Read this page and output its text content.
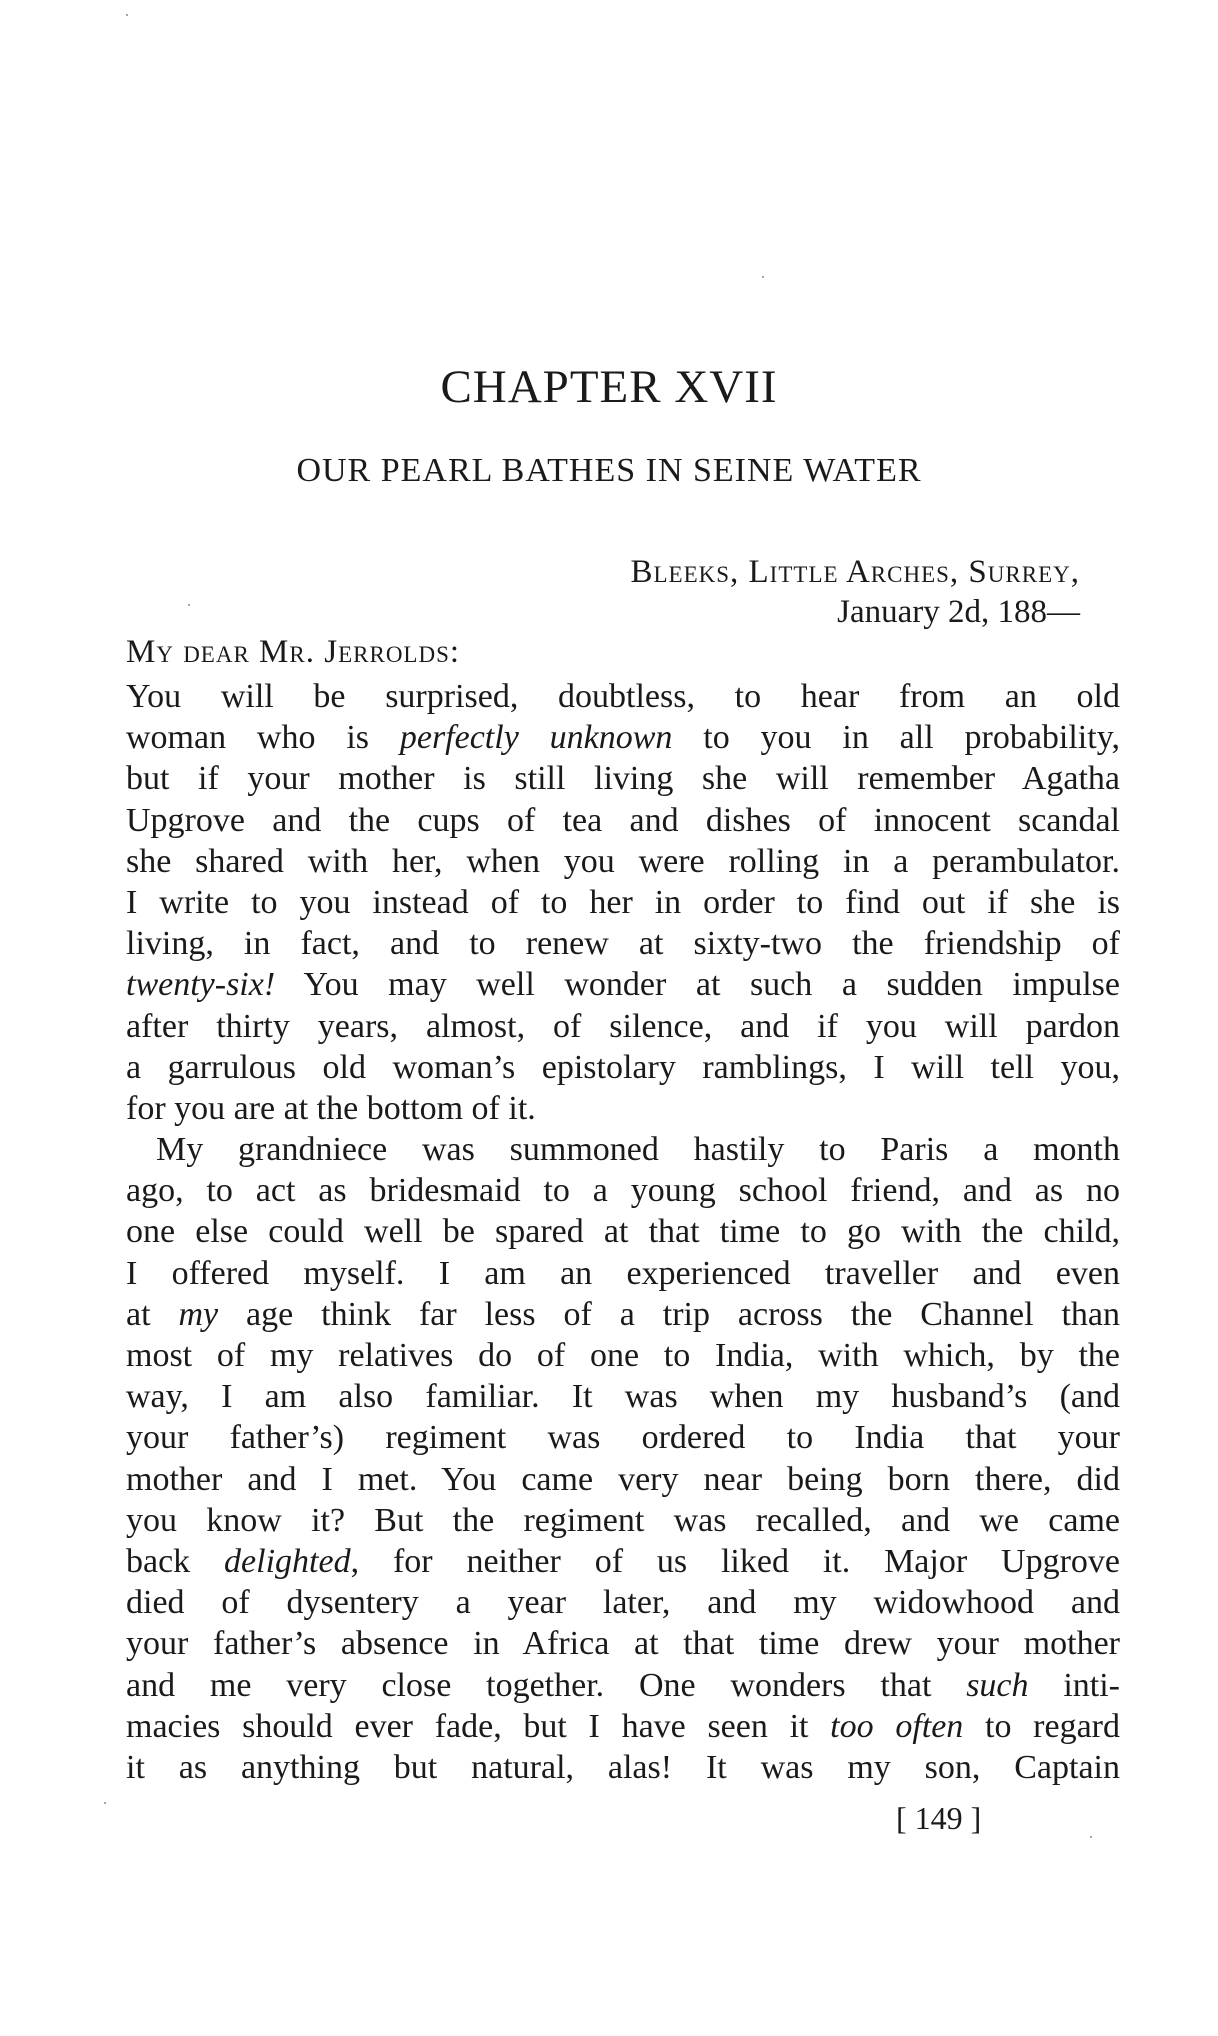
CHAPTER XVII
OUR PEARL BATHES IN SEINE WATER
Bleeks, Little Arches, Surrey,
January 2d, 188—
My dear Mr. Jerrolds:
You will be surprised, doubtless, to hear from an old
woman who is perfectly unknown to you in all probability,
but if your mother is still living she will remember Agatha
Upgrove and the cups of tea and dishes of innocent scandal
she shared with her, when you were rolling in a perambulator.
I write to you instead of to her in order to find out if she is
living, in fact, and to renew at sixty-two the friendship of
twenty-six! You may well wonder at such a sudden impulse
after thirty years, almost, of silence, and if you will pardon
a garrulous old woman’s epistolary ramblings, I will tell you,
for you are at the bottom of it.
My grandniece was summoned hastily to Paris a month
ago, to act as bridesmaid to a young school friend, and as no
one else could well be spared at that time to go with the child,
I offered myself. I am an experienced traveller and even
at my age think far less of a trip across the Channel than
most of my relatives do of one to India, with which, by the
way, I am also familiar. It was when my husband’s (and
your father’s) regiment was ordered to India that your
mother and I met. You came very near being born there, did
you know it? But the regiment was recalled, and we came
back delighted, for neither of us liked it. Major Upgrove
died of dysentery a year later, and my widowhood and
your father’s absence in Africa at that time drew your mother
and me very close together. One wonders that such inti-
macies should ever fade, but I have seen it too often to regard
it as anything but natural, alas! It was my son, Captain
[ 149 ]
